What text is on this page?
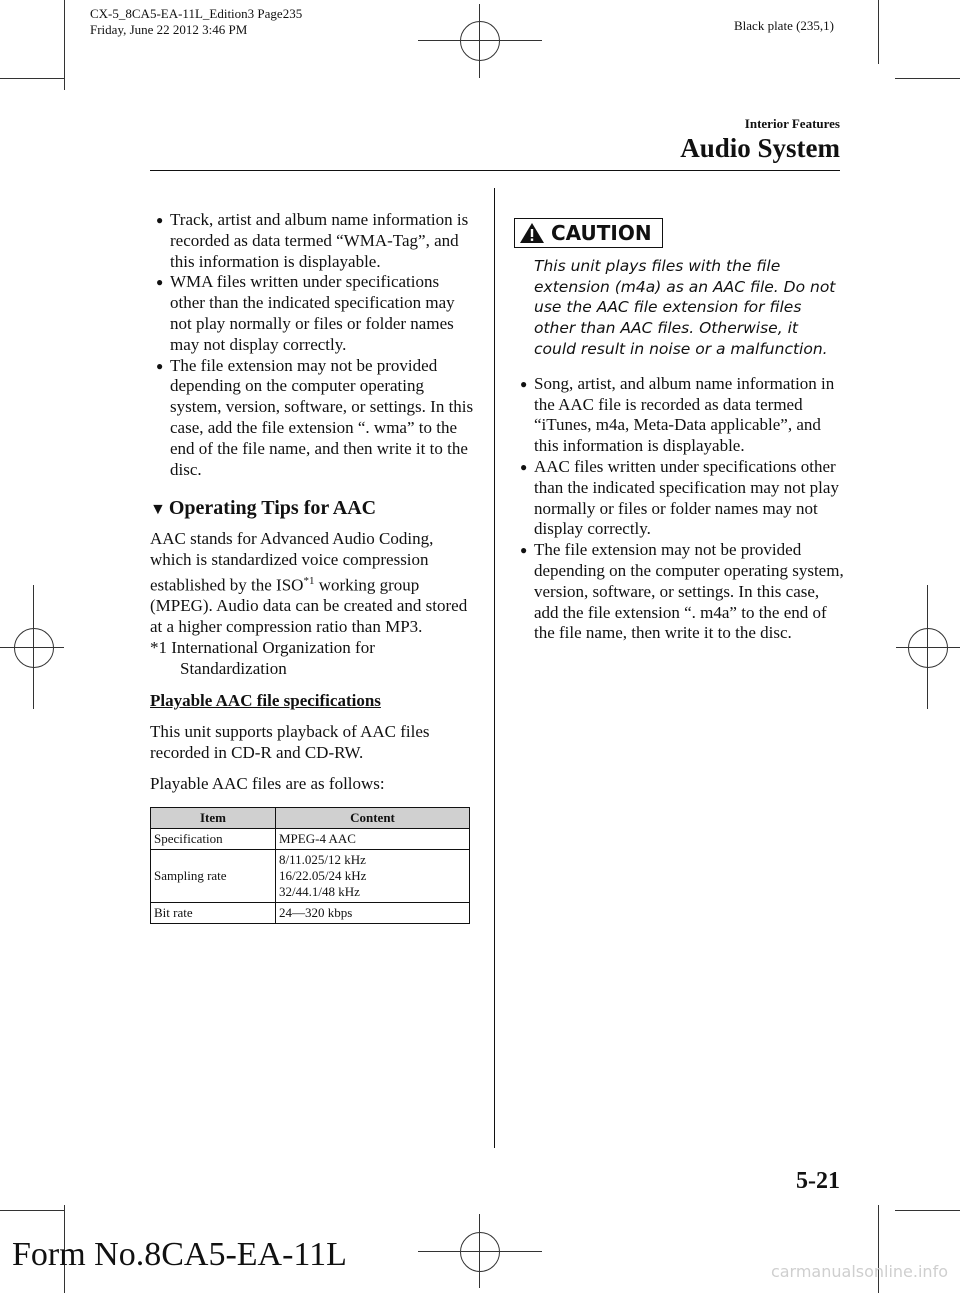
CX-5_8CA5-EA-11L_Edition3 Page235
Friday, June 22 2012 3:46 PM	Black plate (235,1)
Interior Features
Audio System
● Track, artist and album name information is recorded as data termed “WMA-Tag”, and this information is displayable.
● WMA files written under specifications other than the indicated specification may not play normally or files or folder names may not display correctly.
● The file extension may not be provided depending on the computer operating system, version, software, or settings. In this case, add the file extension “. wma” to the end of the file name, and then write it to the disc.
▼ Operating Tips for AAC

AAC stands for Advanced Audio Coding, which is standardized voice compression established by the ISO$^{*1}$ working group (MPEG). Audio data can be created and stored at a higher compression ratio than MP3.

*1 International Organization for Standardization

Playable AAC file specifications

This unit supports playback of AAC files recorded in CD-R and CD-RW.

Playable AAC files are as follows:

Item	Content
Specification	MPEG-4 AAC
Sampling rate	8/11.025/12 kHz
16/22.05/24 kHz
32/44.1/48 kHz
Bit rate	24―320 kbps
CAUTION

This unit plays files with the file extension (m4a) as an AAC file. Do not use the AAC file extension for files other than AAC files. Otherwise, it could result in noise or a malfunction.

● Song, artist, and album name information in the AAC file is recorded as data termed “iTunes, m4a, Meta-Data applicable”, and this information is displayable.
● AAC files written under specifications other than the indicated specification may not play normally or files or folder names may not display correctly.
● The file extension may not be provided depending on the computer operating system, version, software, or settings. In this case, add the file extension “. m4a” to the end of the file name, then write it to the disc.
5-21
Form No.8CA5-EA-11L	carmanualsonline.info
